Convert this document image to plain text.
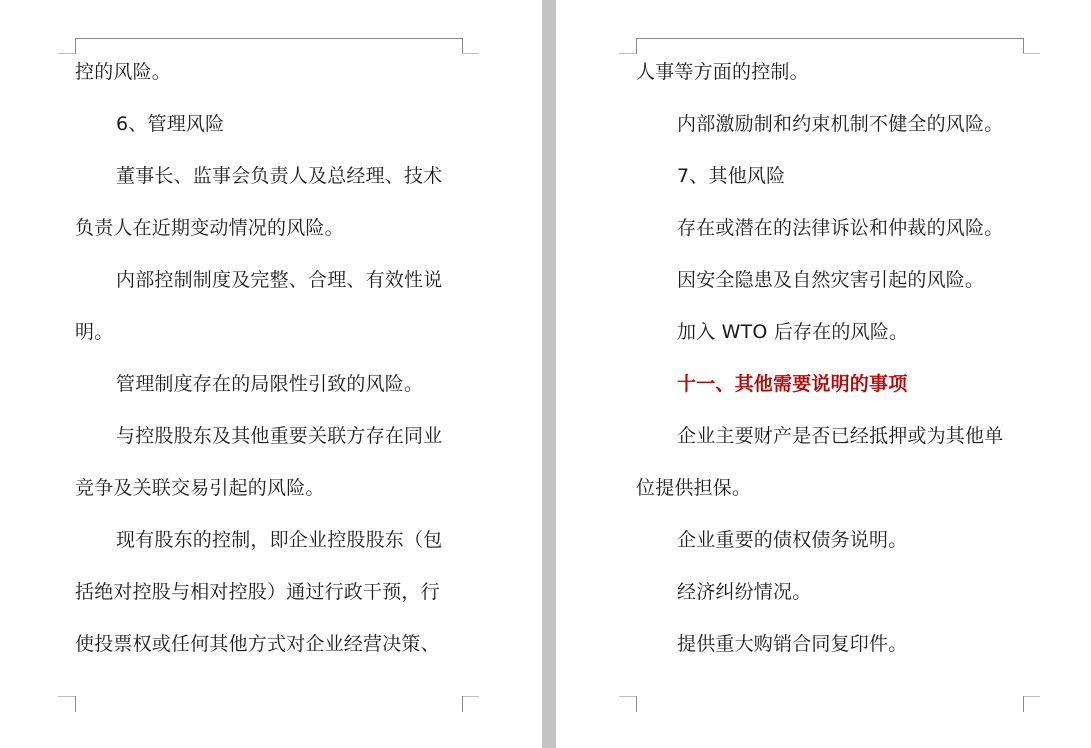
控的风险。
6、管理风险
董事长、监事会负责人及总经理、技术
负责人在近期变动情况的风险。
内部控制制度及完整、合理、有效性说
明。
管理制度存在的局限性引致的风险。
与控股股东及其他重要关联方存在同业
竞争及关联交易引起的风险。
现有股东的控制，即企业控股股东（包
括绝对控股与相对控股）通过行政干预，行
使投票权或任何其他方式对企业经营决策、
人事等方面的控制。
内部激励制和约束机制不健全的风险。
7、其他风险
存在或潜在的法律诉讼和仲裁的风险。
因安全隐患及自然灾害引起的风险。
加入 WTO 后存在的风险。
十一、其他需要说明的事项
企业主要财产是否已经抵押或为其他单
位提供担保。
企业重要的债权债务说明。
经济纠纷情况。
提供重大购销合同复印件。
